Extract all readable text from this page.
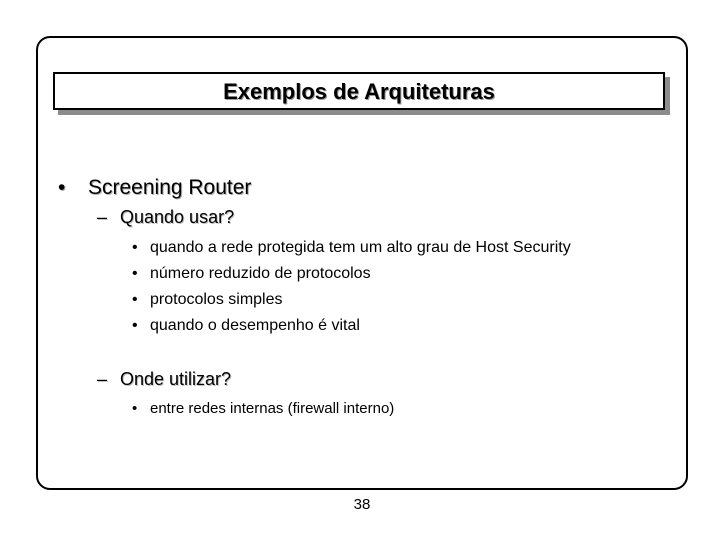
Exemplos de Arquiteturas
• Screening Router
– Quando usar?
• quando a rede protegida tem um alto grau de Host Security
• número reduzido de protocolos
• protocolos simples
• quando o desempenho é vital
– Onde utilizar?
• entre redes internas (firewall interno)
38
